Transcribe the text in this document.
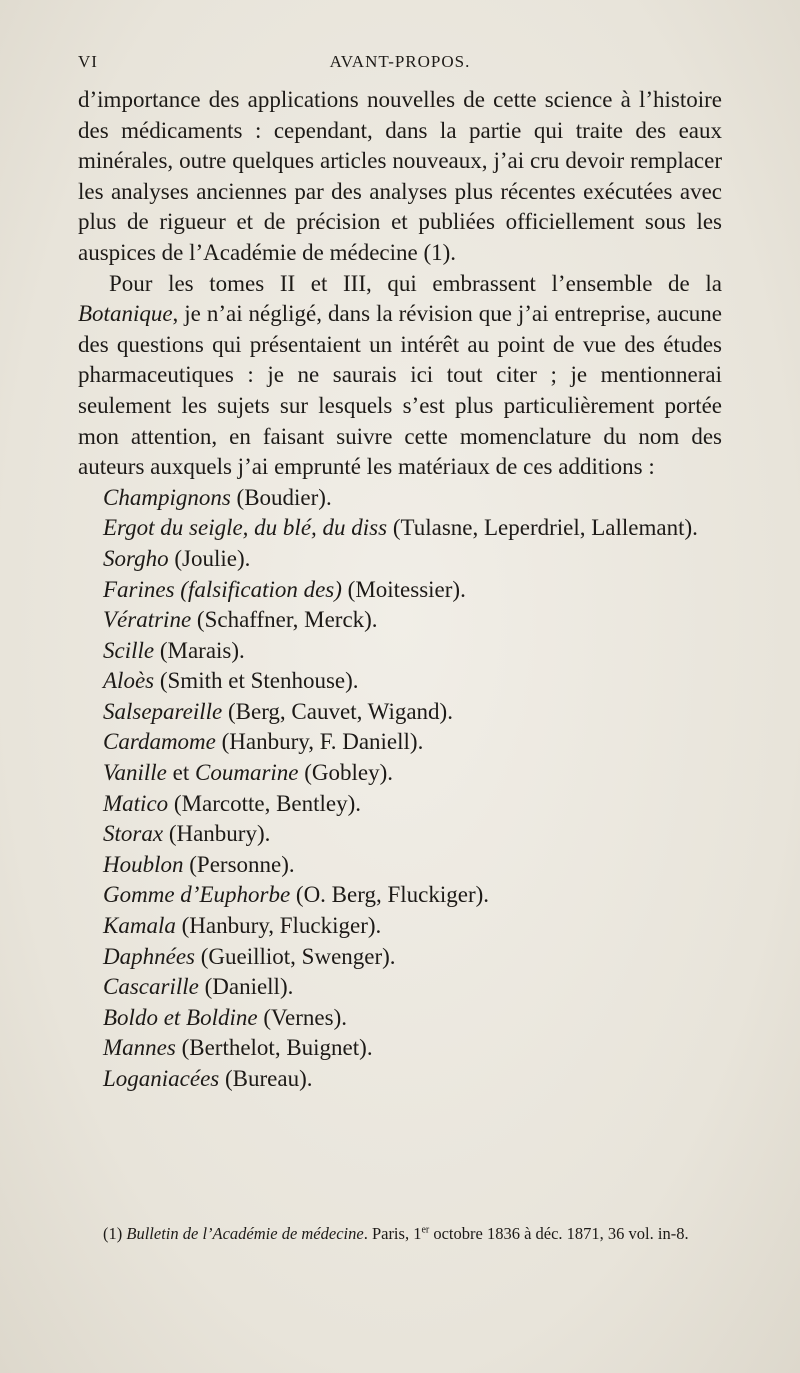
VI	AVANT-PROPOS.

d’importance des applications nouvelles de cette science à l’histoire des médicaments : cependant, dans la partie qui traite des eaux minérales, outre quelques articles nouveaux, j’ai cru devoir remplacer les analyses anciennes par des analyses plus récentes exécutées avec plus de rigueur et de précision et publiées officiellement sous les auspices de l’Académie de médecine (1).

Pour les tomes II et III, qui embrassent l’ensemble de la Botanique, je n’ai négligé, dans la révision que j’ai entreprise, aucune des questions qui présentaient un intérêt au point de vue des études pharmaceutiques : je ne saurais ici tout citer ; je mentionnerai seulement les sujets sur lesquels s’est plus particulièrement portée mon attention, en faisant suivre cette momenclature du nom des auteurs auxquels j’ai emprunté les matériaux de ces additions :

Champignons (Boudier).
Ergot du seigle, du blé, du diss (Tulasne, Leperdriel, Lallemant).
Sorgho (Joulie).
Farines (falsification des) (Moitessier).
Vératrine (Schaffner, Merck).
Scille (Marais).
Aloès (Smith et Stenhouse).
Salsepareille (Berg, Cauvet, Wigand).
Cardamome (Hanbury, F. Daniell).
Vanille et Coumarine (Gobley).
Matico (Marcotte, Bentley).
Storax (Hanbury).
Houblon (Personne).
Gomme d’Euphorbe (O. Berg, Fluckiger).
Kamala (Hanbury, Fluckiger).
Daphnées (Gueilliot, Swenger).
Cascarille (Daniell).
Boldo et Boldine (Vernes).
Mannes (Berthelot, Buignet).
Loganiacées (Bureau).

(1) Bulletin de l’Académie de médecine. Paris, 1er octobre 1836 à déc. 1871, 36 vol. in-8.
